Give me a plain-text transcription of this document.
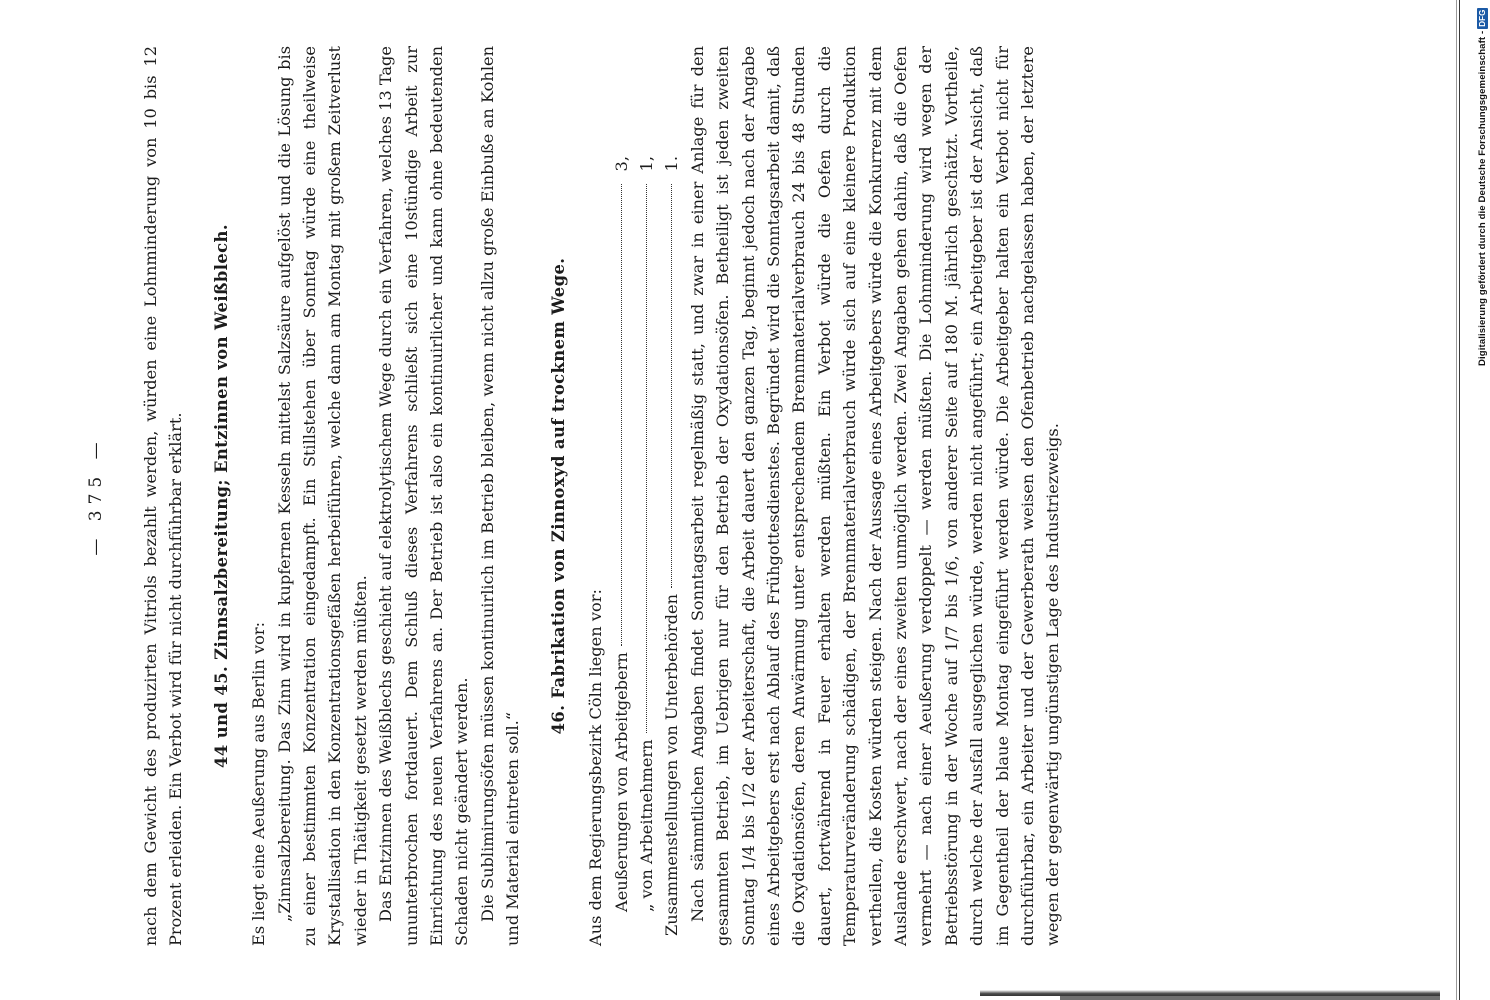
— 375 — nach dem Gewicht des produzirten Vitriols bezahlt werden, würden eine Lohnminderung von 10 bis 12 Prozent erleiden. Ein Verbot wird für nicht durchführbar erklärt. 44 und 45. Zinnsalzbereitung; Entzinnen von Weißblech.

Es liegt eine Aeußerung aus Berlin vor: „Zinnsalzbereitung. Das Zinn wird in kupfernen Kesseln mittelst Salzsäure aufgelöst und die Lösung bis zu einer bestimmten Konzentration eingedampft. Ein Stillstehen über Sonntag würde eine theilweise Krystallisation in den Konzentrationsgefäßen herbeiführen, welche dann am Montag mit großem Zeitverlust wieder in Thätigkeit gesetzt werden müßten. Das Entzinnen des Weißblechs geschieht auf elektrolytischem Wege durch ein Verfahren, welches 13 Tage ununterbrochen fortdauert. Dem Schluß dieses Verfahrens schließt sich eine 10stündige Arbeit zur Einrichtung des neuen Verfahrens an. Der Betrieb ist also ein kontinuirlicher und kann ohne bedeutenden Schaden nicht geändert werden. Die Sublimirungsöfen müssen kontinuirlich im Betrieb bleiben, wenn nicht allzu große Einbuße an Kohlen und Material eintreten soll.“

46. Fabrikation von Zinnoxyd auf trocknem Wege.

Aus dem Regierungsbezirk Cöln liegen vor: Aeußerungen von Arbeitgebern
3,
„ von Arbeitnehmern
1,
Zusammenstellungen von Unterbehörden
1. Nach sämmtlichen Angaben findet Sonntagsarbeit regelmäßig statt, und zwar in einer Anlage für den gesammten Betrieb, im Uebrigen nur für den Betrieb der Oxydationsöfen. Betheiligt ist jeden zweiten Sonntag 1/4 bis 1/2 der Arbeiterschaft, die Arbeit dauert den ganzen Tag, beginnt jedoch nach der Angabe eines Arbeitgebers erst nach Ablauf des Frühgottesdienstes. Begründet wird die Sonntagsarbeit damit, daß die Oxydationsöfen, deren Anwärmung unter entsprechendem Brennmaterialverbrauch 24 bis 48 Stunden dauert, fortwährend in Feuer erhalten werden müßten. Ein Verbot würde die Oefen durch die Temperaturveränderung schädigen, der Brennmaterialverbrauch würde sich auf eine kleinere Produktion vertheilen, die Kosten würden steigen. Nach der Aussage eines Arbeitgebers würde die Konkurrenz mit dem Auslande erschwert, nach der eines zweiten unmöglich werden. Zwei Angaben gehen dahin, daß die Oefen vermehrt — nach einer Aeußerung verdoppelt — werden müßten. Die Lohnminderung wird wegen der Betriebsstörung in der Woche auf 1/7 bis 1/6, von anderer Seite auf 180 M. jährlich geschätzt. Vortheile, durch welche der Ausfall ausgeglichen würde, werden nicht angeführt; ein Arbeitgeber ist der Ansicht, daß im Gegentheil der blaue Montag eingeführt werden würde. Die Arbeitgeber halten ein Verbot nicht für durchführbar, ein Arbeiter und der Gewerberath weisen den Ofenbetrieb nachgelassen haben, der letztere wegen der gegenwärtig ungünstigen Lage des Industriezweigs.

Digitalisierung gefördert durch die Deutsche Forschungsgemeinschaft -DFG
